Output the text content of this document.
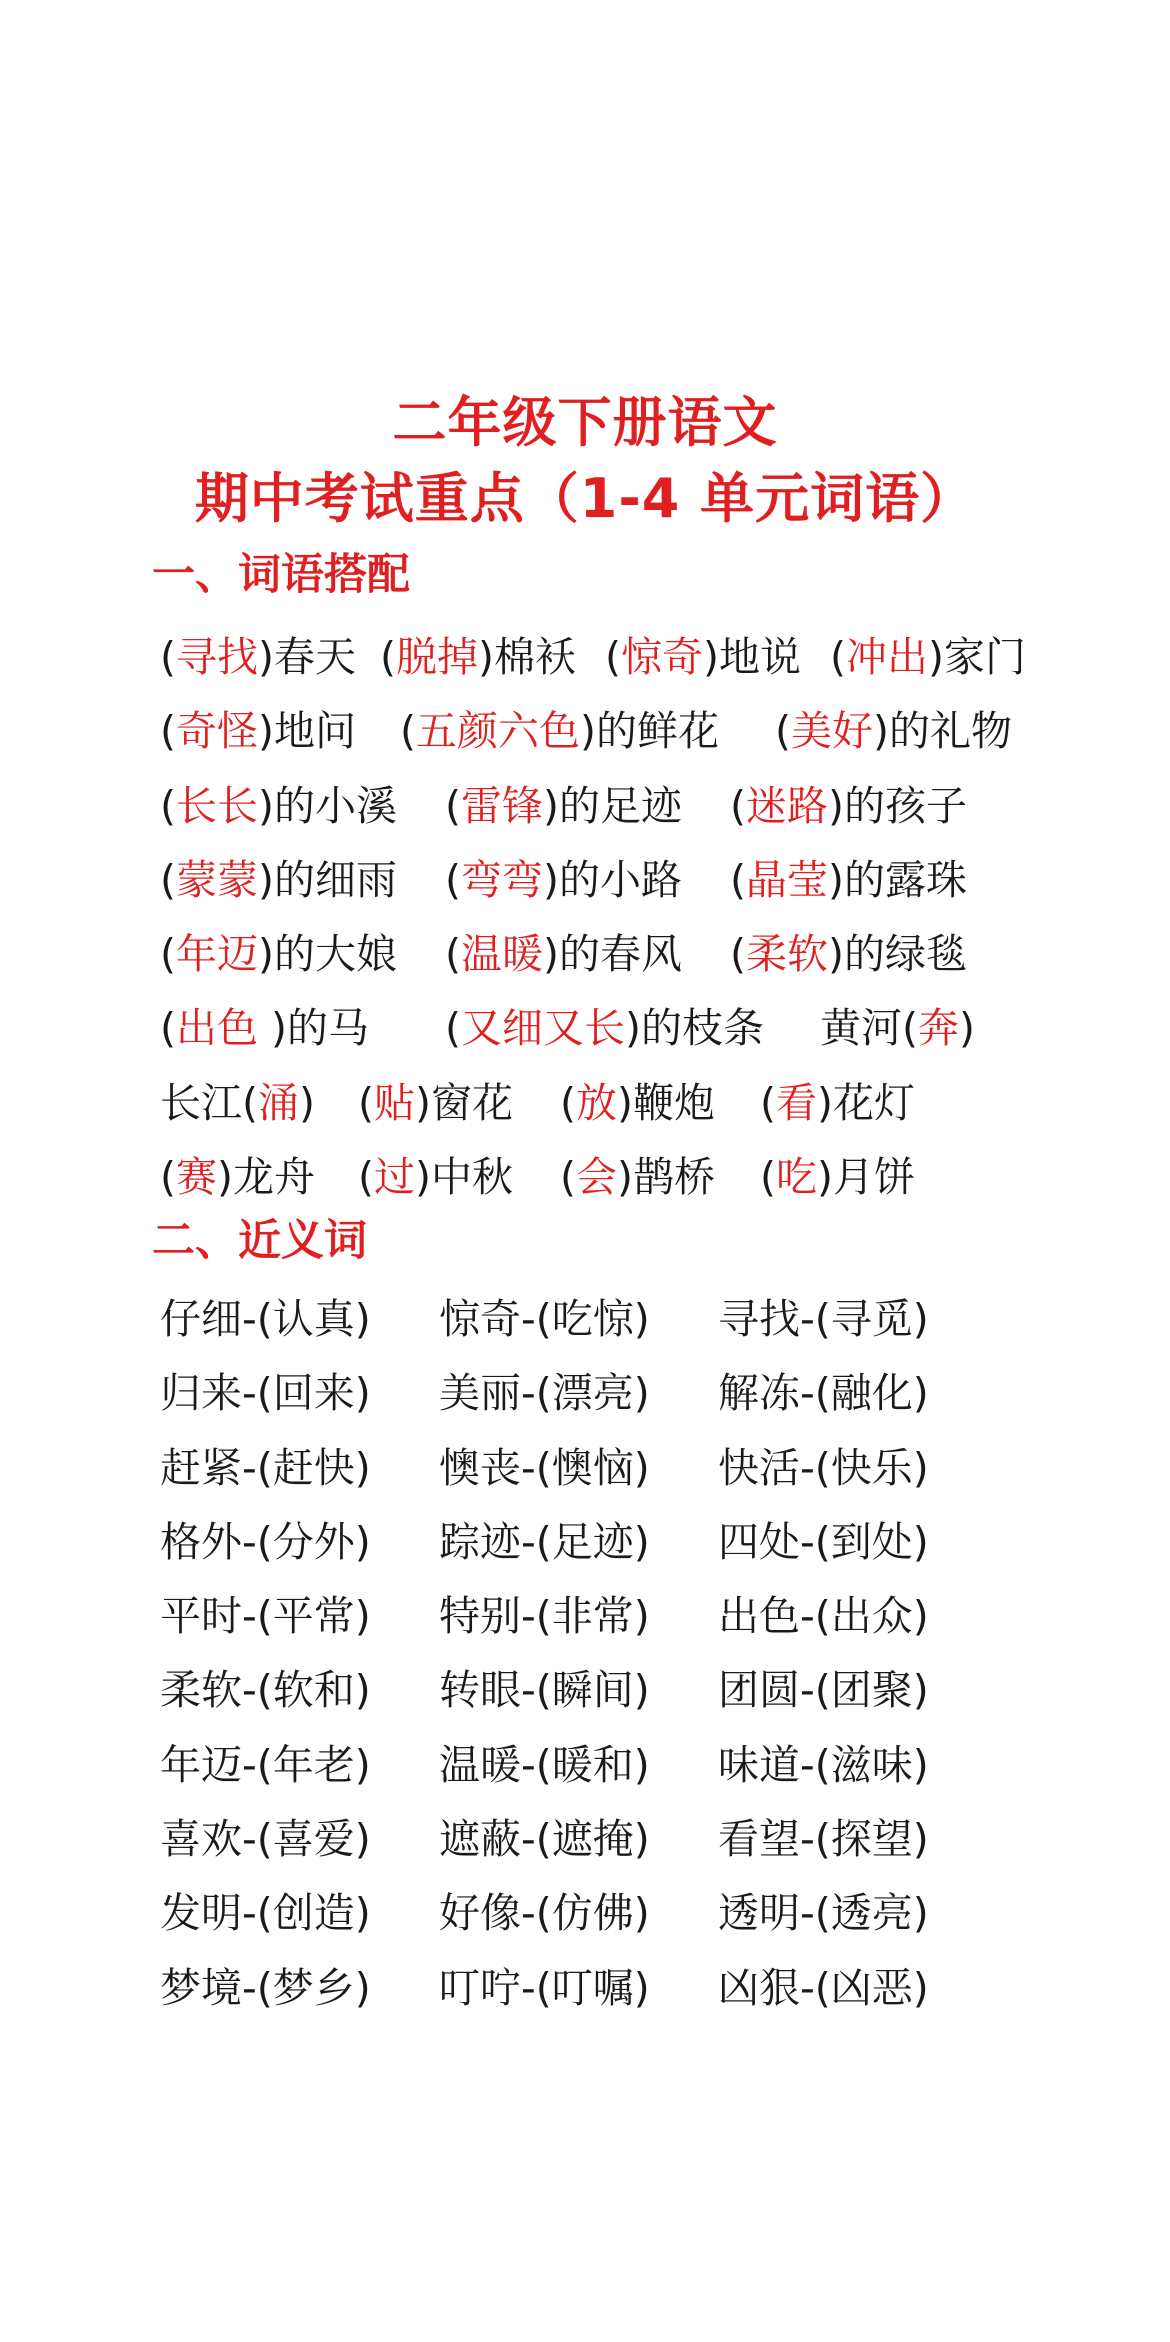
二年级下册语文
期中考试重点（1-4 单元词语）
一、词语搭配
(寻找)春天 (脱掉)棉袄 (惊奇)地说 (冲出)家门
(奇怪)地问 (五颜六色)的鲜花 (美好)的礼物
(长长)的小溪 (雷锋)的足迹 (迷路)的孩子
(蒙蒙)的细雨 (弯弯)的小路 (晶莹)的露珠
(年迈)的大娘 (温暖)的春风 (柔软)的绿毯
(出色 )的马 (又细又长)的枝条 黄河(奔)
长江(涌) (贴)窗花 (放)鞭炮 (看)花灯
(赛)龙舟 (过)中秋 (会)鹊桥 (吃)月饼
二、近义词
仔细-(认真) 惊奇-(吃惊) 寻找-(寻觅)
归来-(回来) 美丽-(漂亮) 解冻-(融化)
赶紧-(赶快) 懊丧-(懊恼) 快活-(快乐)
格外-(分外) 踪迹-(足迹) 四处-(到处)
平时-(平常) 特别-(非常) 出色-(出众)
柔软-(软和) 转眼-(瞬间) 团圆-(团聚)
年迈-(年老) 温暖-(暖和) 味道-(滋味)
喜欢-(喜爱) 遮蔽-(遮掩) 看望-(探望)
发明-(创造) 好像-(仿佛) 透明-(透亮)
梦境-(梦乡) 叮咛-(叮嘱) 凶狠-(凶恶)
